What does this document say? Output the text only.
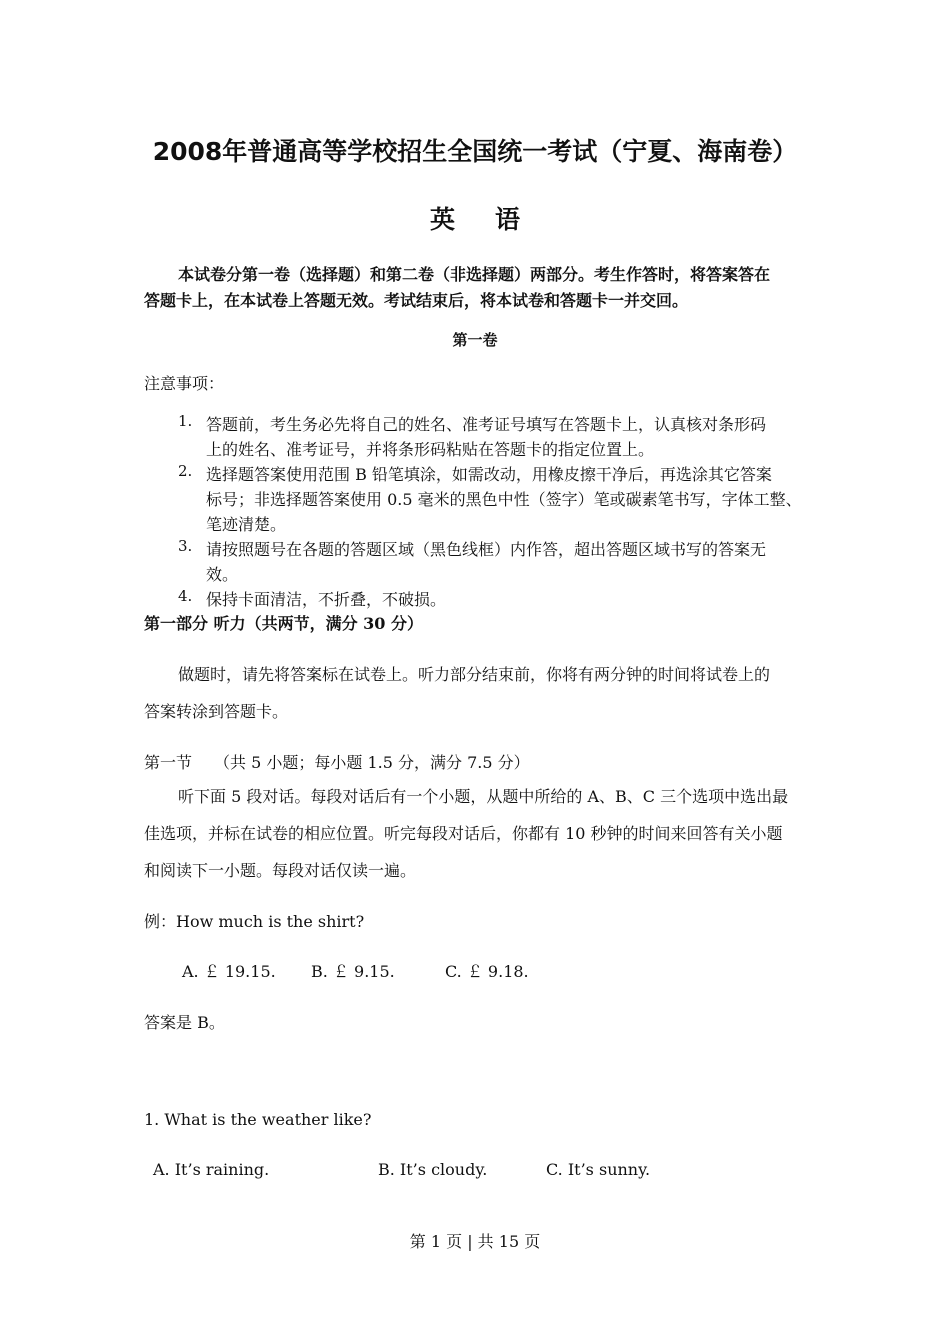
2008年普通高等学校招生全国统一考试（宁夏、海南卷）
英语
本试卷分第一卷（选择题）和第二卷（非选择题）两部分。考生作答时，将答案答在
答题卡上，在本试卷上答题无效。考试结束后，将本试卷和答题卡一并交回。
第一卷
注意事项：
1. 答题前，考生务必先将自己的姓名、准考证号填写在答题卡上，认真核对条形码
上的姓名、准考证号，并将条形码粘贴在答题卡的指定位置上。
2. 选择题答案使用范围 B 铅笔填涂，如需改动，用橡皮擦干净后，再选涂其它答案
标号；非选择题答案使用 0.5 毫米的黑色中性（签字）笔或碳素笔书写，字体工整、
笔迹清楚。
3. 请按照题号在各题的答题区域（黑色线框）内作答，超出答题区域书写的答案无
效。
4. 保持卡面清洁，不折叠，不破损。
第一部分 听力（共两节，满分 30 分）
做题时，请先将答案标在试卷上。听力部分结束前，你将有两分钟的时间将试卷上的
答案转涂到答题卡。
第一节 （共 5 小题；每小题 1.5 分，满分 7.5 分）
听下面 5 段对话。每段对话后有一个小题，从题中所给的 A、B、C 三个选项中选出最
佳选项，并标在试卷的相应位置。听完每段对话后，你都有 10 秒钟的时间来回答有关小题
和阅读下一小题。每段对话仅读一遍。
例：How much is the shirt?
A. ￡ 19.15. B. ￡ 9.15.	C. ￡ 9.18.
答案是 B。
1. What is the weather like?
A. It’s raining.	B. It’s cloudy.	C. It’s sunny.
第 1 页 | 共 15 页
